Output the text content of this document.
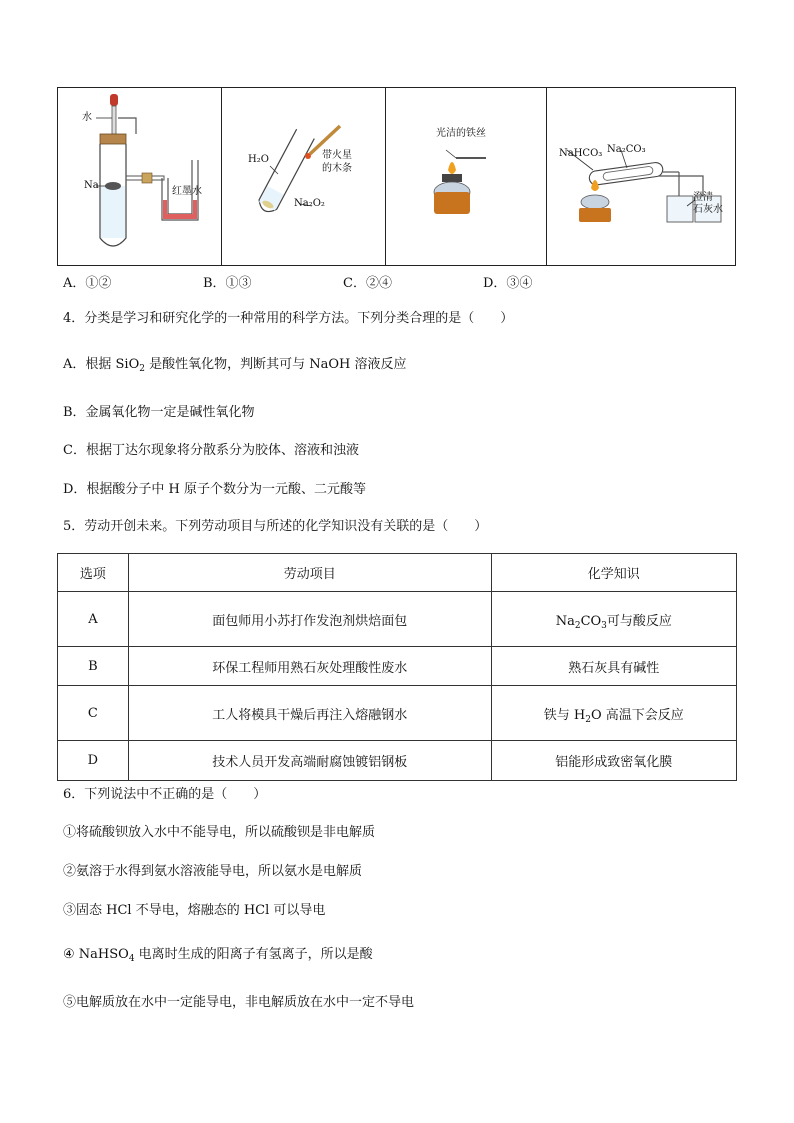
水
Na
红墨水
H₂O	带火星
的木条
Na₂O₂
光洁的铁丝
NaHCO₃ Na₂CO₃
澄清
石灰水
A．①②	B．①③	C．②④	D．③④
4．分类是学习和研究化学的一种常用的科学方法。下列分类合理的是（　　）
A．根据 SiO$_2$ 是酸性氧化物，判断其可与 NaOH 溶液反应
B．金属氧化物一定是碱性氧化物
C．根据丁达尔现象将分散系分为胶体、溶液和浊液
D．根据酸分子中 H 原子个数分为一元酸、二元酸等
5．劳动开创未来。下列劳动项目与所述的化学知识没有关联的是（　　）
选项	劳动项目	化学知识
A	面包师用小苏打作发泡剂烘焙面包	$Na_2CO_3$可与酸反应
B	环保工程师用熟石灰处理酸性废水	熟石灰具有碱性
C	工人将模具干燥后再注入熔融钢水	铁与 $H_2O$ 高温下会反应
D	技术人员开发高端耐腐蚀镀铝钢板	铝能形成致密氧化膜
6．下列说法中不正确的是（　　）
①将硫酸钡放入水中不能导电，所以硫酸钡是非电解质
②氨溶于水得到氨水溶液能导电，所以氨水是电解质
③固态 HCl 不导电，熔融态的 HCl 可以导电
④ NaHSO$_4$ 电离时生成的阳离子有氢离子，所以是酸
⑤电解质放在水中一定能导电，非电解质放在水中一定不导电
